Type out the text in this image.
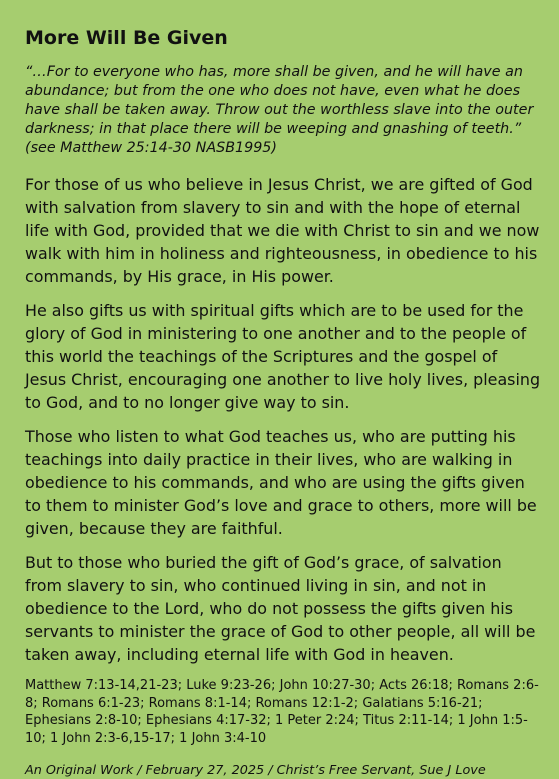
More Will Be Given
“…For to everyone who has, more shall be given, and he will have an abundance; but from the one who does not have, even what he does have shall be taken away. Throw out the worthless slave into the outer darkness; in that place there will be weeping and gnashing of teeth.” (see Matthew 25:14-30 NASB1995)
For those of us who believe in Jesus Christ, we are gifted of God with salvation from slavery to sin and with the hope of eternal life with God, provided that we die with Christ to sin and we now walk with him in holiness and righteousness, in obedience to his commands, by His grace, in His power.
He also gifts us with spiritual gifts which are to be used for the glory of God in ministering to one another and to the people of this world the teachings of the Scriptures and the gospel of Jesus Christ, encouraging one another to live holy lives, pleasing to God, and to no longer give way to sin.
Those who listen to what God teaches us, who are putting his teachings into daily practice in their lives, who are walking in obedience to his commands, and who are using the gifts given to them to minister God’s love and grace to others, more will be given, because they are faithful.
But to those who buried the gift of God’s grace, of salvation from slavery to sin, who continued living in sin, and not in obedience to the Lord, who do not possess the gifts given his servants to minister the grace of God to other people, all will be taken away, including eternal life with God in heaven.
Matthew 7:13-14,21-23; Luke 9:23-26; John 10:27-30; Acts 26:18; Romans 2:6-8; Romans 6:1-23; Romans 8:1-14; Romans 12:1-2; Galatians 5:16-21; Ephesians 2:8-10; Ephesians 4:17-32; 1 Peter 2:24; Titus 2:11-14; 1 John 1:5-10; 1 John 2:3-6,15-17; 1 John 3:4-10
An Original Work / February 27, 2025 / Christ’s Free Servant, Sue J Love
